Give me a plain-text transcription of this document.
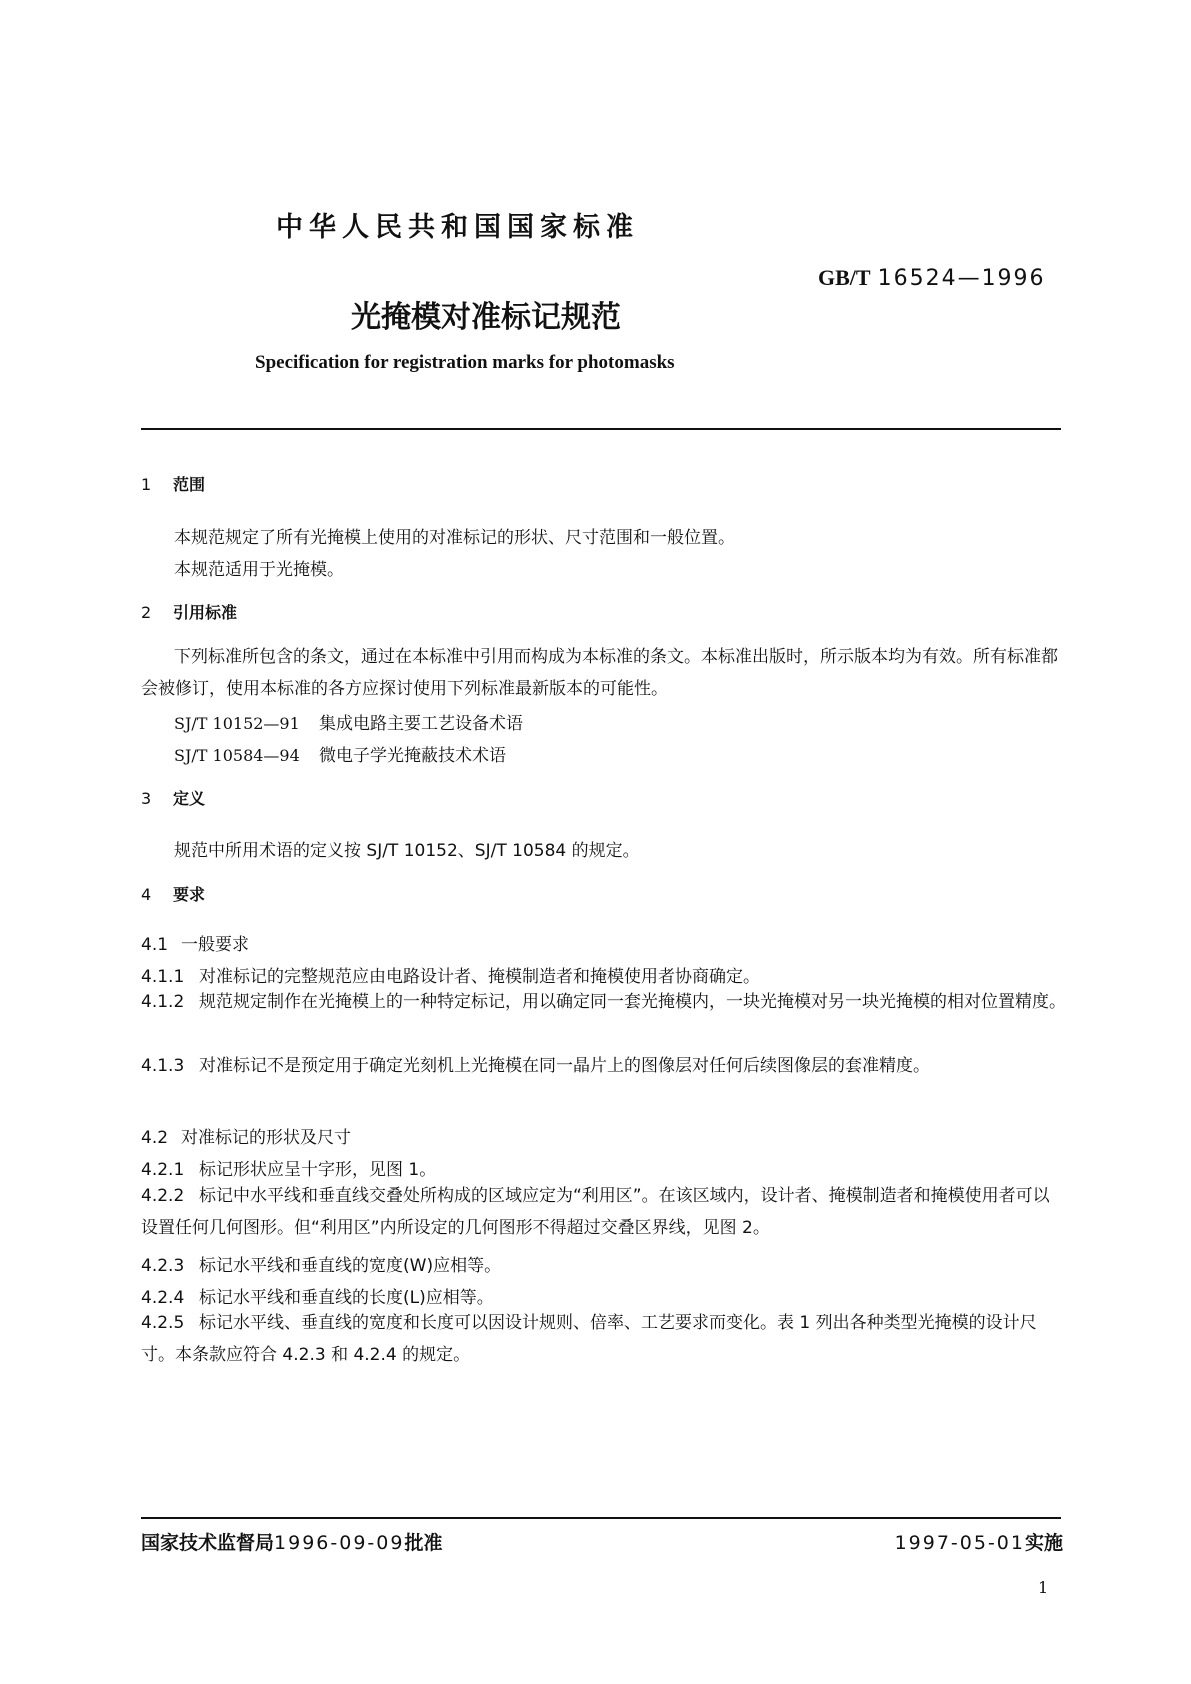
中华人民共和国国家标准
GB/T 16524—1996
光掩模对准标记规范
Specification for registration marks for photomasks
1 范围
本规范规定了所有光掩模上使用的对准标记的形状、尺寸范围和一般位置。
本规范适用于光掩模。
2 引用标准
下列标准所包含的条文，通过在本标准中引用而构成为本标准的条文。本标准出版时，所示版本均为有效。所有标准都会被修订，使用本标准的各方应探讨使用下列标准最新版本的可能性。
SJ/T 10152—91 集成电路主要工艺设备术语
SJ/T 10584—94 微电子学光掩蔽技术术语
3 定义
规范中所用术语的定义按 SJ/T 10152、SJ/T 10584 的规定。
4 要求
4.1 一般要求
4.1.1 对准标记的完整规范应由电路设计者、掩模制造者和掩模使用者协商确定。
4.1.2 规范规定制作在光掩模上的一种特定标记，用以确定同一套光掩模内，一块光掩模对另一块光掩模的相对位置精度。
4.1.3 对准标记不是预定用于确定光刻机上光掩模在同一晶片上的图像层对任何后续图像层的套准精度。
4.2 对准标记的形状及尺寸
4.2.1 标记形状应呈十字形，见图 1。
4.2.2 标记中水平线和垂直线交叠处所构成的区域应定为“利用区”。在该区域内，设计者、掩模制造者和掩模使用者可以设置任何几何图形。但“利用区”内所设定的几何图形不得超过交叠区界线，见图 2。
4.2.3 标记水平线和垂直线的宽度(W)应相等。
4.2.4 标记水平线和垂直线的长度(L)应相等。
4.2.5 标记水平线、垂直线的宽度和长度可以因设计规则、倍率、工艺要求而变化。表 1 列出各种类型光掩模的设计尺寸。本条款应符合 4.2.3 和 4.2.4 的规定。
国家技术监督局1996-09-09批准	1997-05-01实施
1
